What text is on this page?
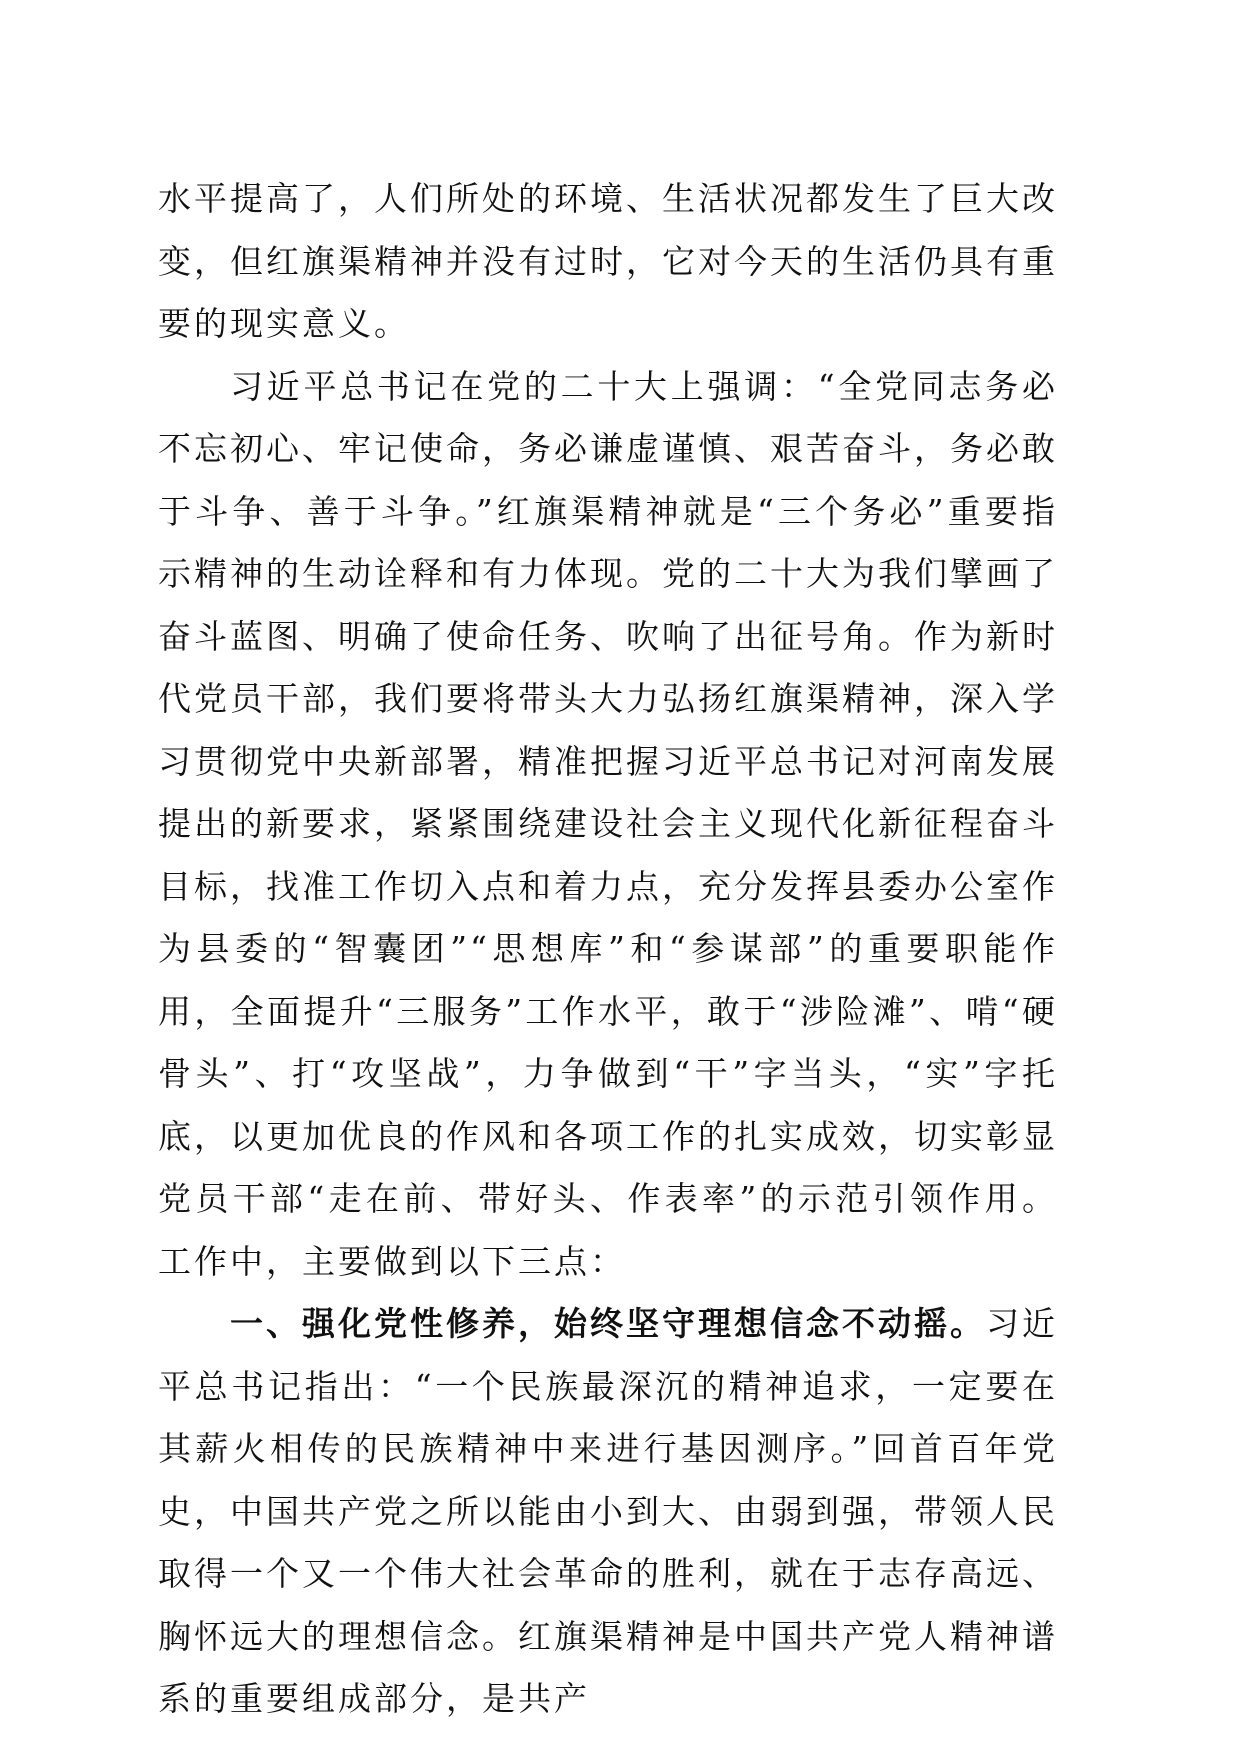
水平提高了，人们所处的环境、生活状况都发生了巨大改变，但红旗渠精神并没有过时，它对今天的生活仍具有重要的现实意义。

习近平总书记在党的二十大上强调：“全党同志务必不忘初心、牢记使命，务必谦虚谨慎、艰苦奋斗，务必敢于斗争、善于斗争。”红旗渠精神就是“三个务必”重要指示精神的生动诠释和有力体现。党的二十大为我们擘画了奋斗蓝图、明确了使命任务、吹响了出征号角。作为新时代党员干部，我们要将带头大力弘扬红旗渠精神，深入学习贯彻党中央新部署，精准把握习近平总书记对河南发展提出的新要求，紧紧围绕建设社会主义现代化新征程奋斗目标，找准工作切入点和着力点，充分发挥县委办公室作为县委的“智囊团”“思想库”和“参谋部”的重要职能作用，全面提升“三服务”工作水平，敢于“涉险滩”、啃“硬骨头”、打“攻坚战”，力争做到“干”字当头，“实”字托底，以更加优良的作风和各项工作的扎实成效，切实彰显党员干部“走在前、带好头、作表率”的示范引领作用。工作中，主要做到以下三点：

一、强化党性修养，始终坚守理想信念不动摇。习近平总书记指出：“一个民族最深沉的精神追求，一定要在其薪火相传的民族精神中来进行基因测序。”回首百年党史，中国共产党之所以能由小到大、由弱到强，带领人民取得一个又一个伟大社会革命的胜利，就在于志存高远、胸怀远大的理想信念。红旗渠精神是中国共产党人精神谱系的重要组成部分，是共产
